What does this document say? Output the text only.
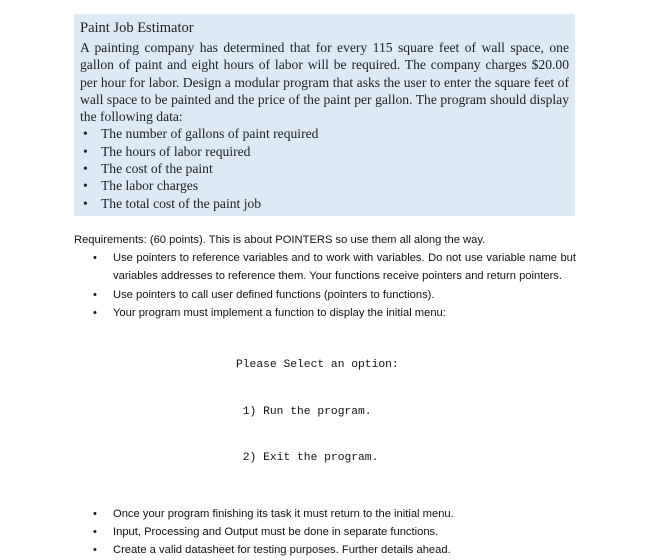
Paint Job Estimator
A painting company has determined that for every 115 square feet of wall space, one gallon of paint and eight hours of labor will be required. The company charges $20.00 per hour for labor. Design a modular program that asks the user to enter the square feet of wall space to be painted and the price of the paint per gallon. The program should display the following data:
• The number of gallons of paint required
• The hours of labor required
• The cost of the paint
• The labor charges
• The total cost of the paint job
Requirements: (60 points). This is about POINTERS so use them all along the way.
• Use pointers to reference variables and to work with variables. Do not use variable name but variables addresses to reference them. Your functions receive pointers and return pointers.
• Use pointers to call user defined functions (pointers to functions).
• Your program must implement a function to display the initial menu:

Please Select an option:

1) Run the program.

2) Exit the program.

• Once your program finishing its task it must return to the initial menu.
• Input, Processing and Output must be done in separate functions.
• Create a valid datasheet for testing purposes. Further details ahead.
